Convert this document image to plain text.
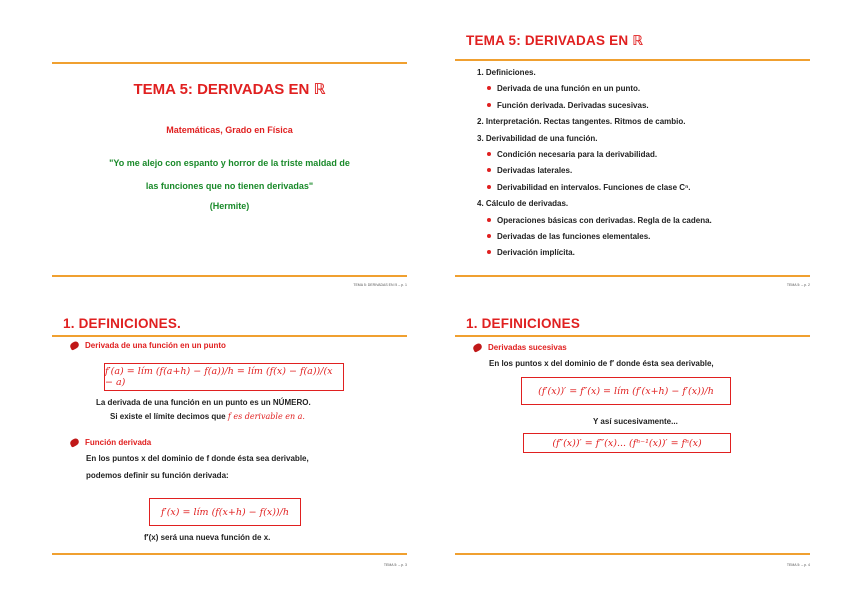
TEMA 5: DERIVADAS EN ℝ
Matemáticas, Grado en Física
"Yo me alejo con espanto y horror de la triste maldad de
las funciones que no tienen derivadas"
(Hermite)
TEMA 5: DERIVADAS EN ℝ – p. 1
TEMA 5: DERIVADAS EN ℝ
1. Definiciones.
Derivada de una función en un punto.
Función derivada. Derivadas sucesivas.
2. Interpretación. Rectas tangentes. Ritmos de cambio.
3. Derivabilidad de una función.
Condición necesaria para la derivabilidad.
Derivadas laterales.
Derivabilidad en intervalos. Funciones de clase Cⁿ.
4. Cálculo de derivadas.
Operaciones básicas con derivadas. Regla de la cadena.
Derivadas de las funciones elementales.
Derivación implícita.
TEMA 5: – p. 2
1. DEFINICIONES.
Derivada de una función en un punto
f′(a) = lím (f(a+h) − f(a))/h = lím (f(x) − f(a))/(x − a)
La derivada de una función en un punto es un NÚMERO.
Si existe el límite decimos que f es derivable en a.
Función derivada
En los puntos x del dominio de f donde ésta sea derivable,
podemos definir su función derivada:
f′(x) = lím (f(x+h) − f(x))/h
f′(x) será una nueva función de x.
TEMA 5: – p. 3
1. DEFINICIONES
Derivadas sucesivas
En los puntos x del dominio de f′ donde ésta sea derivable,
(f′(x))′ = f″(x) = lím (f′(x+h) − f′(x))/h
Y así sucesivamente...
(f″(x))′ = f‴(x)... (fⁿ⁻¹(x))′ = fⁿ(x)
TEMA 5: – p. 4
